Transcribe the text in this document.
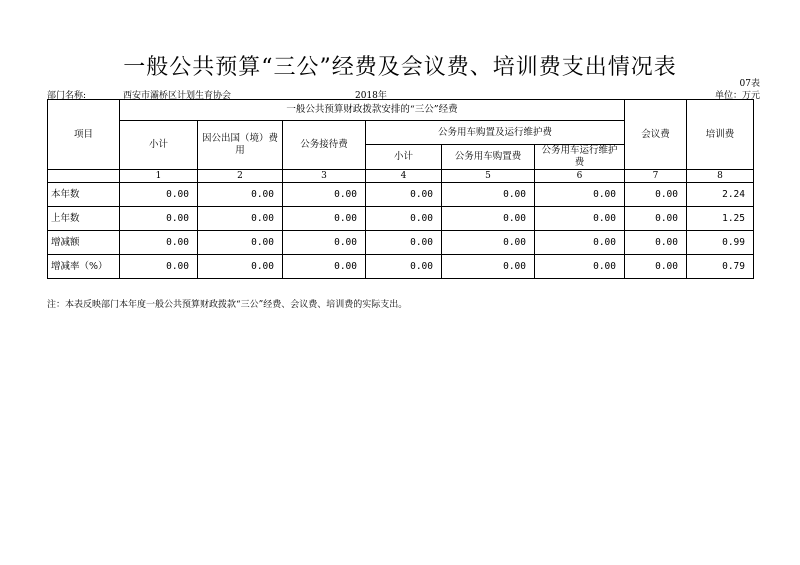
一般公共预算“三公”经费及会议费、培训费支出情况表
07表
部门名称:	西安市灞桥区计划生育协会	2018年	单位：万元
项目	一般公共预算财政拨款安排的“三公”经费						会议费	培训费
	小计	因公出国（境）费用	公务接待费	公务用车购置及运行维护费				
				小计	公务用车购置费	公务用车运行维护费		
	1	2	3	4	5	6	7	8
本年数	0.00	0.00	0.00	0.00	0.00	0.00	0.00	2.24
上年数	0.00	0.00	0.00	0.00	0.00	0.00	0.00	1.25
增减额	0.00	0.00	0.00	0.00	0.00	0.00	0.00	0.99
增减率（%）	0.00	0.00	0.00	0.00	0.00	0.00	0.00	0.79
注：本表反映部门本年度一般公共预算财政拨款“三公”经费、会议费、培训费的实际支出。
